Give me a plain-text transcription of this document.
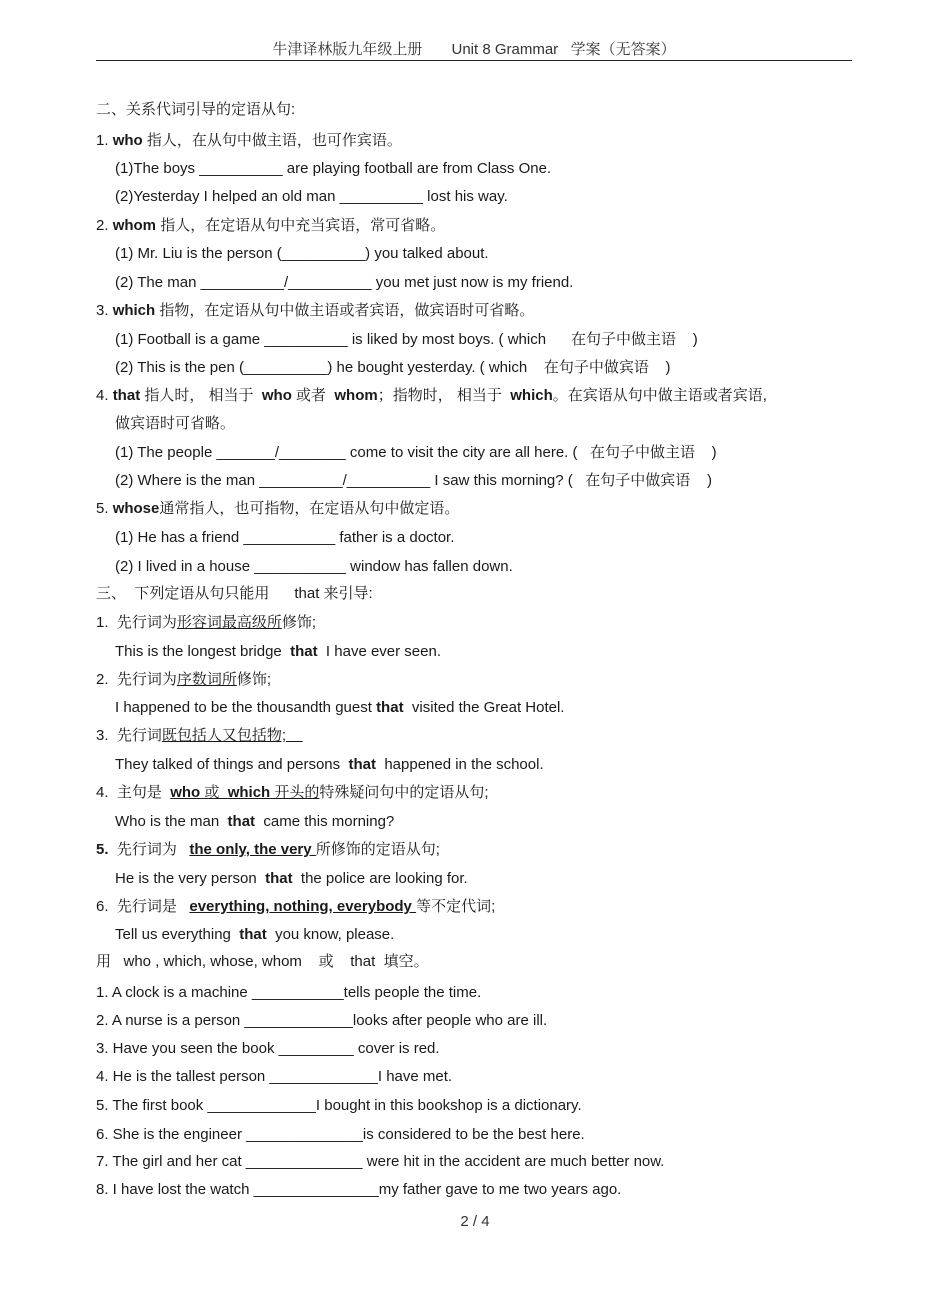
牛津译林版九年级上册       Unit 8 Grammar   学案（无答案）
二、关系代词引导的定语从句:
1. who 指人，在从句中做主语，也可作宾语。
(1)The boys __________ are playing football are from Class One.
(2)Yesterday I helped an old man __________ lost his way.
2. whom 指人，在定语从句中充当宾语，常可省略。
(1) Mr. Liu is the person (__________) you talked about.
(2) The man __________/__________ you met just now is my friend.
3. which 指物，在定语从句中做主语或者宾语，做宾语时可省略。
(1) Football is a game __________ is liked by most boys. ( which      在句子中做主语    )
(2) This is the pen (__________) he bought yesterday. ( which    在句子中做宾语    )
4. that 指人时， 相当于  who 或者  whom；指物时， 相当于  which。在宾语从句中做主语或者宾语,
做宾语时可省略。
(1) The people _______/________ come to visit the city are all here. (   在句子中做主语    )
(2) Where is the man __________/__________ I saw this morning? (   在句子中做宾语    )
5. whose通常指人，也可指物，在定语从句中做定语。
(1) He has a friend ___________ father is a doctor.
(2) I lived in a house ___________ window has fallen down.
三、  下列定语从句只能用      that 来引导:
1.  先行词为形容词最高级所修饰;
This is the longest bridge  that  I have ever seen.
2.  先行词为序数词所修饰;
I happened to be the thousandth guest that  visited the Great Hotel.
3.  先行词既包括人又包括物;
They talked of things and persons  that  happened in the school.
4.  主句是  who 或  which 开头的特殊疑问句中的定语从句;
Who is the man  that  came this morning?
5.  先行词为   the only, the very 所修饰的定语从句;
He is the very person  that  the police are looking for.
6.  先行词是   everything, nothing, everybody 等不定代词;
Tell us everything  that  you know, please.
用   who , which, whose, whom    或    that  填空。
1. A clock is a machine ___________tells people the time.
2. A nurse is a person _____________looks after people who are ill.
3. Have you seen the book _________ cover is red.
4. He is the tallest person _____________I have met.
5. The first book _____________I bought in this bookshop is a dictionary.
6. She is the engineer ______________is considered to be the best here.
7. The girl and her cat ______________ were hit in the accident are much better now.
8. I have lost the watch _______________my father gave to me two years ago.
2 / 4
